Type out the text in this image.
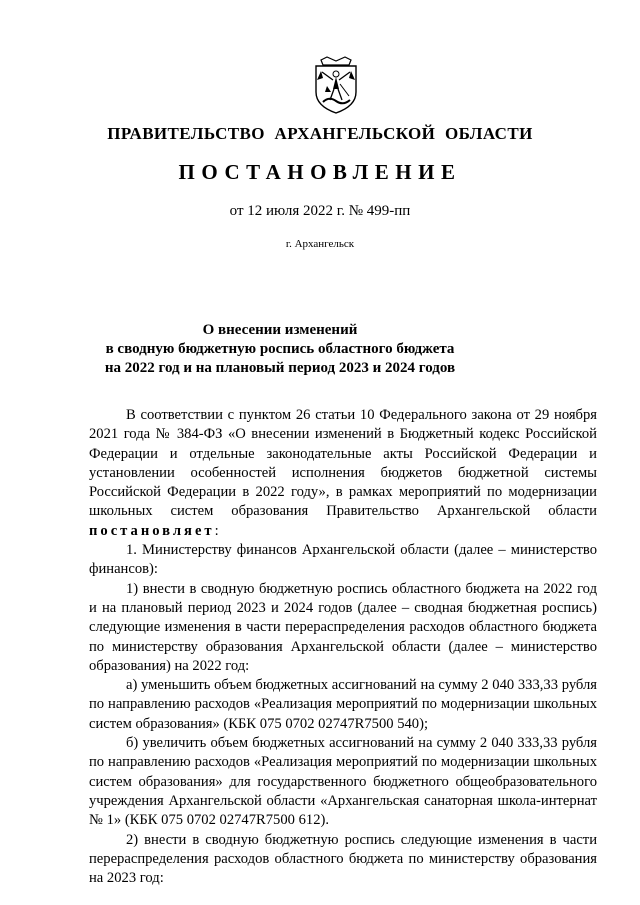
ПРАВИТЕЛЬСТВО АРХАНГЕЛЬСКОЙ ОБЛАСТИ
ПОСТАНОВЛЕНИЕ
от 12 июля 2022 г. № 499-пп
г. Архангельск
О внесении изменений
в сводную бюджетную роспись областного бюджета
на 2022 год и на плановый период 2023 и 2024 годов

В соответствии с пунктом 26 статьи 10 Федерального закона от 29 ноября 2021 года № 384-ФЗ «О внесении изменений в Бюджетный кодекс Российской Федерации и отдельные законодательные акты Российской Федерации и установлении особенностей исполнения бюджетов бюджетной системы Российской Федерации в 2022 году», в рамках мероприятий по модернизации школьных систем образования Правительство Архангельской области постановляет:

1. Министерству финансов Архангельской области (далее – министерство финансов):

1) внести в сводную бюджетную роспись областного бюджета на 2022 год и на плановый период 2023 и 2024 годов (далее – сводная бюджетная роспись) следующие изменения в части перераспределения расходов областного бюджета по министерству образования Архангельской области (далее – министерство образования) на 2022 год:

а) уменьшить объем бюджетных ассигнований на сумму 2 040 333,33 рубля по направлению расходов «Реализация мероприятий по модернизации школьных систем образования» (КБК 075 0702 02747R7500 540);

б) увеличить объем бюджетных ассигнований на сумму 2 040 333,33 рубля по направлению расходов «Реализация мероприятий по модернизации школьных систем образования» для государственного бюджетного общеобразовательного учреждения Архангельской области «Архангельская санаторная школа-интернат № 1» (КБК 075 0702 02747R7500 612).

2) внести в сводную бюджетную роспись следующие изменения в части перераспределения расходов областного бюджета по министерству образования на 2023 год:
